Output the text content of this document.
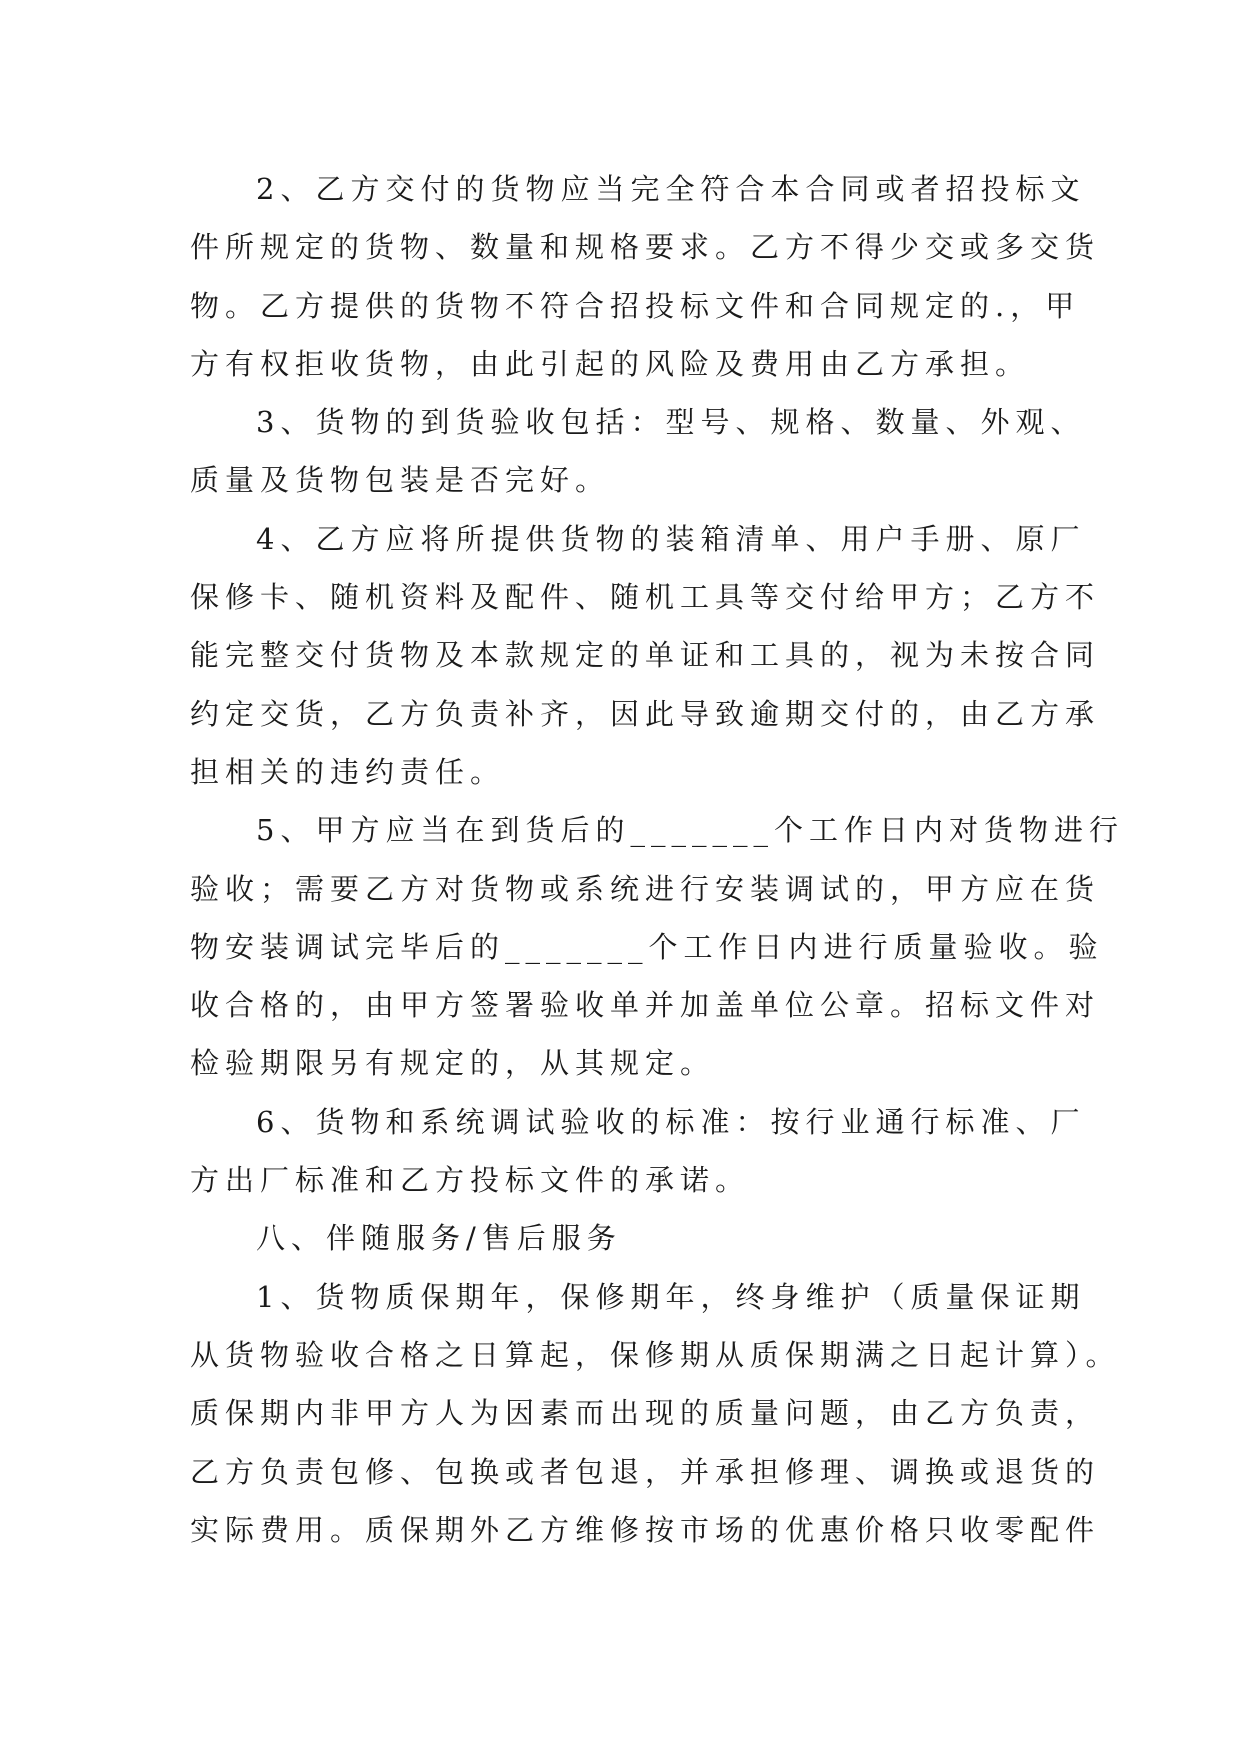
2、乙方交付的货物应当完全符合本合同或者招投标文
件所规定的货物、数量和规格要求。乙方不得少交或多交货
物。乙方提供的货物不符合招投标文件和合同规定的.，甲
方有权拒收货物，由此引起的风险及费用由乙方承担。
3、货物的到货验收包括：型号、规格、数量、外观、
质量及货物包装是否完好。
4、乙方应将所提供货物的装箱清单、用户手册、原厂
保修卡、随机资料及配件、随机工具等交付给甲方；乙方不
能完整交付货物及本款规定的单证和工具的，视为未按合同
约定交货，乙方负责补齐，因此导致逾期交付的，由乙方承
担相关的违约责任。
5、甲方应当在到货后的_______个工作日内对货物进行
验收；需要乙方对货物或系统进行安装调试的，甲方应在货
物安装调试完毕后的_______个工作日内进行质量验收。验
收合格的，由甲方签署验收单并加盖单位公章。招标文件对
检验期限另有规定的，从其规定。
6、货物和系统调试验收的标准：按行业通行标准、厂
方出厂标准和乙方投标文件的承诺。
八、伴随服务/售后服务
1、货物质保期年，保修期年，终身维护（质量保证期
从货物验收合格之日算起，保修期从质保期满之日起计算）。
质保期内非甲方人为因素而出现的质量问题，由乙方负责，
乙方负责包修、包换或者包退，并承担修理、调换或退货的
实际费用。质保期外乙方维修按市场的优惠价格只收零配件
